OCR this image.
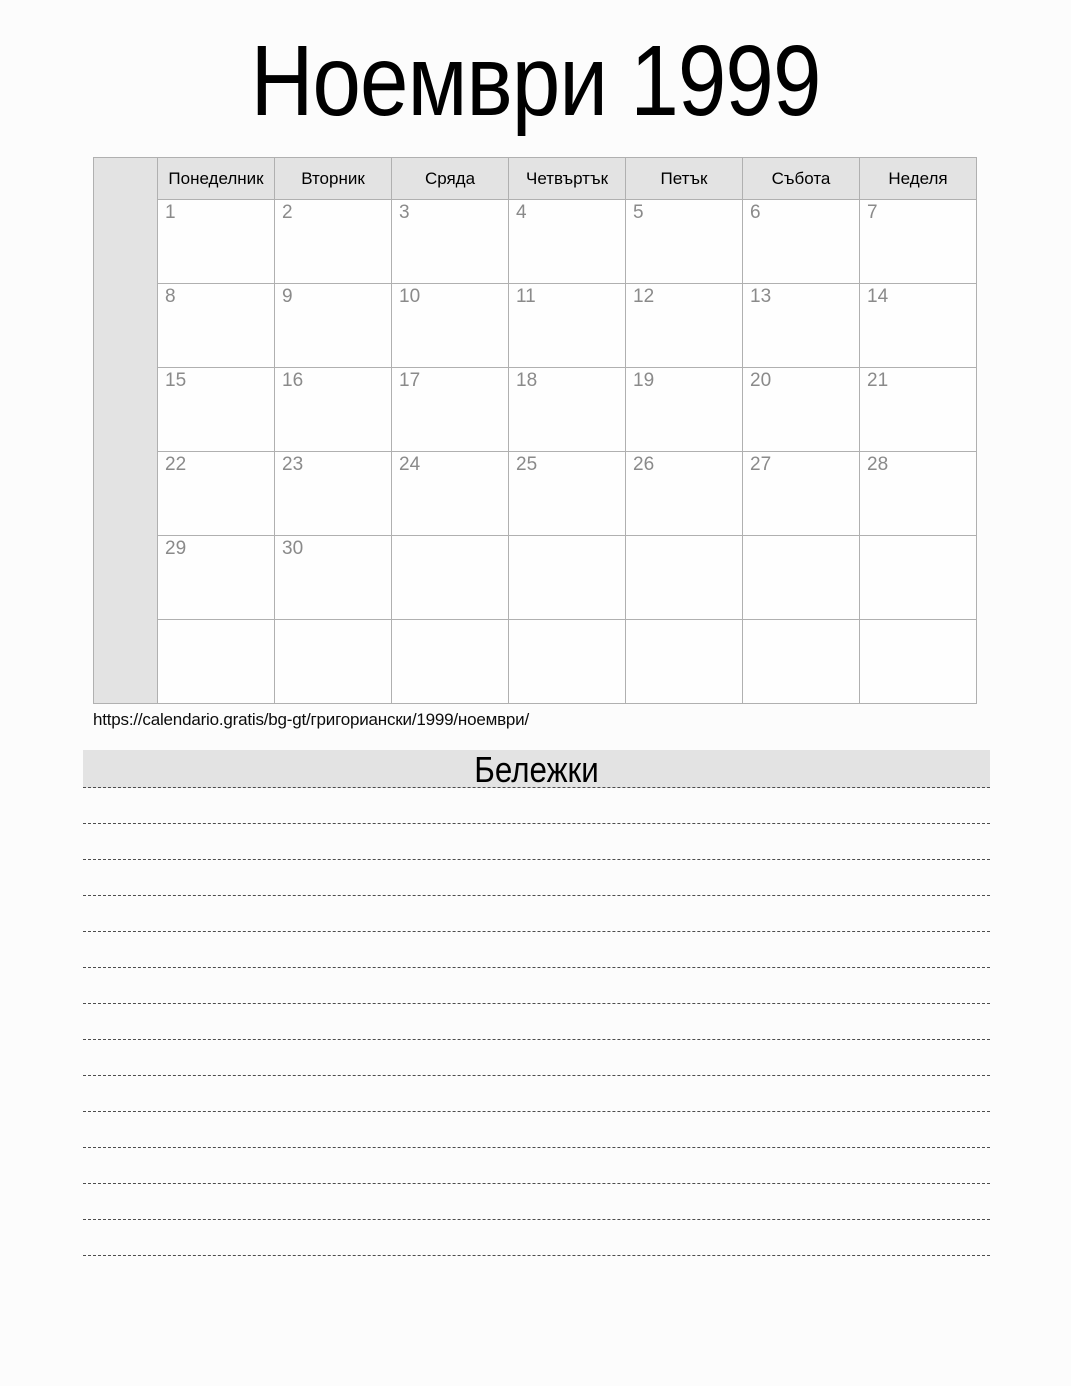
Ноември 1999
	Понеделник	Вторник	Сряда	Четвъртък	Петък	Събота	Неделя
	1	2	3	4	5	6	7
	8	9	10	11	12	13	14
	15	16	17	18	19	20	21
	22	23	24	25	26	27	28
	29	30					

https://calendario.gratis/bg-gt/григориански/1999/ноември/
Бележки
